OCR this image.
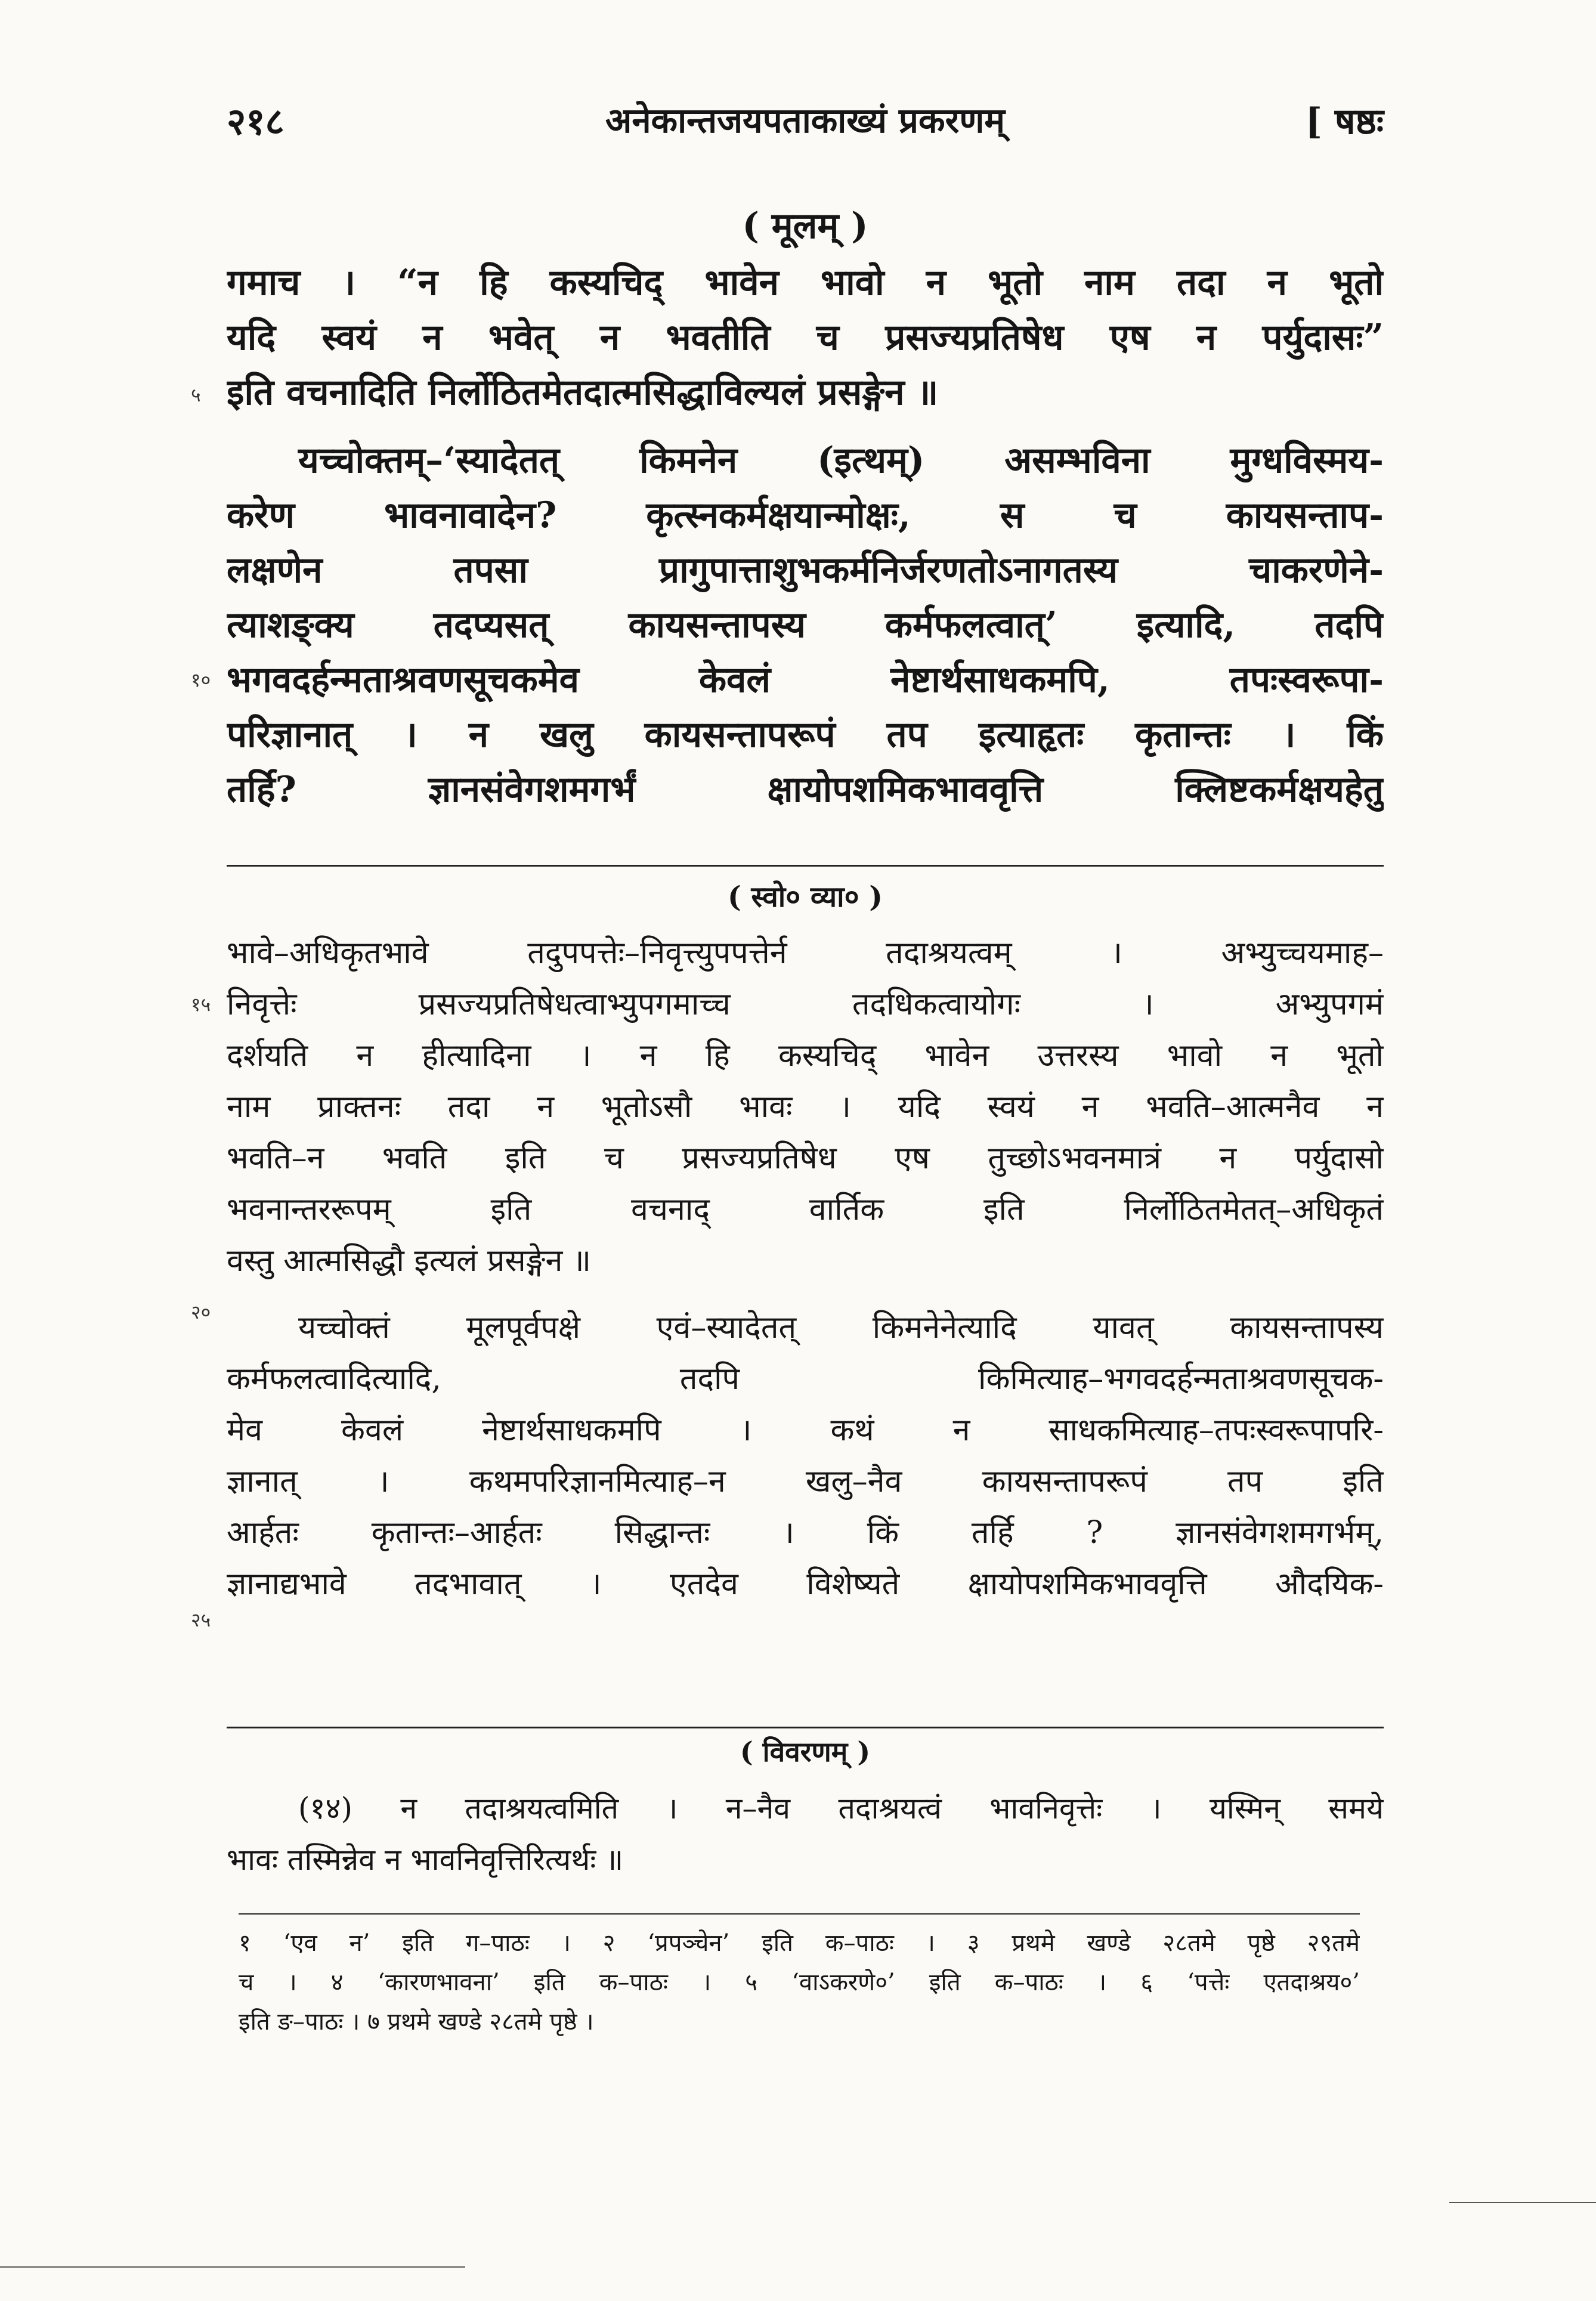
२१८	अनेकान्तजयपताकाख्यं प्रकरणम्	[ षष्ठः
( मूलम् )
गमाच । “न हि कस्यचिद् भावेन भावो न भूतो नाम तदा न भूतो
यदि स्वयं न भवेत् न भवतीति च प्रसज्यप्रतिषेध एष न पर्युदासः”
इति वचनादिति निर्लोठितमेतदात्मसिद्धाविल्यलं प्रसङ्गेन ॥
यच्चोक्तम्–‘स्यादेतत् किमनेन (इत्थम्) असम्भविना मुग्धविस्मय-
करेण भावनावादेन? कृत्स्नकर्मक्षयान्मोक्षः, स च कायसन्ताप-
लक्षणेन तपसा प्रागुपात्ताशुभकर्मनिर्जरणतोऽनागतस्य चाकरणेने-
त्याशङ्क्य तदप्यसत् कायसन्तापस्य कर्मफलत्वात्’ इत्यादि, तदपि
भगवदर्हन्मताश्रवणसूचकमेव केवलं नेष्टार्थसाधकमपि, तपःस्वरूपा-
परिज्ञानात् । न खलु कायसन्तापरूपं तप इत्याहृतः कृतान्तः । किं
तर्हि? ज्ञानसंवेगशमगर्भं क्षायोपशमिकभाववृत्ति क्लिष्टकर्मक्षयहेतु
५
१०
( स्वो० व्या० )
भावे–अधिकृतभावे तदुपपत्तेः–निवृत्त्युपपत्तेर्न तदाश्रयत्वम् । अभ्युच्चयमाह–
निवृत्तेः प्रसज्यप्रतिषेधत्वाभ्युपगमाच्च तदधिकत्वायोगः । अभ्युपगमं
दर्शयति न हीत्यादिना । न हि कस्यचिद् भावेन उत्तरस्य भावो न भूतो
नाम प्राक्तनः तदा न भूतोऽसौ भावः । यदि स्वयं न भवति–आत्मनैव न
भवति–न भवति इति च प्रसज्यप्रतिषेध एष तुच्छोऽभवनमात्रं न पर्युदासो
भवनान्तररूपम् इति वचनाद् वार्तिक इति निर्लोठितमेतत्–अधिकृतं
वस्तु आत्मसिद्धौ इत्यलं प्रसङ्गेन ॥
यच्चोक्तं मूलपूर्वपक्षे एवं–स्यादेतत् किमनेनेत्यादि यावत् कायसन्तापस्य
कर्मफलत्वादित्यादि, तदपि किमित्याह–भगवदर्हन्मताश्रवणसूचक-
मेव केवलं नेष्टार्थसाधकमपि । कथं न साधकमित्याह–तपःस्वरूपापरि-
ज्ञानात् । कथमपरिज्ञानमित्याह–न खलु–नैव कायसन्तापरूपं तप इति
आर्हतः कृतान्तः–आर्हतः सिद्धान्तः । किं तर्हि ? ज्ञानसंवेगशमगर्भम्,
ज्ञानाद्यभावे तदभावात् । एतदेव विशेष्यते क्षायोपशमिकभाववृत्ति औदयिक-
१५
२०
२५
( विवरणम् )
(१४) न तदाश्रयत्वमिति । न–नैव तदाश्रयत्वं भावनिवृत्तेः । यस्मिन् समये
भावः तस्मिन्नेव न भावनिवृत्तिरित्यर्थः ॥
१ ‘एव न’ इति ग–पाठः । २ ‘प्रपञ्चेन’ इति क–पाठः । ३ प्रथमे खण्डे २८तमे पृष्ठे २९तमे
च । ४ ‘कारणभावना’ इति क–पाठः । ५ ‘वाऽकरणे०’ इति क–पाठः । ६ ‘पत्तेः एतदाश्रय०’
इति ङ–पाठः । ७ प्रथमे खण्डे २८तमे पृष्ठे ।
